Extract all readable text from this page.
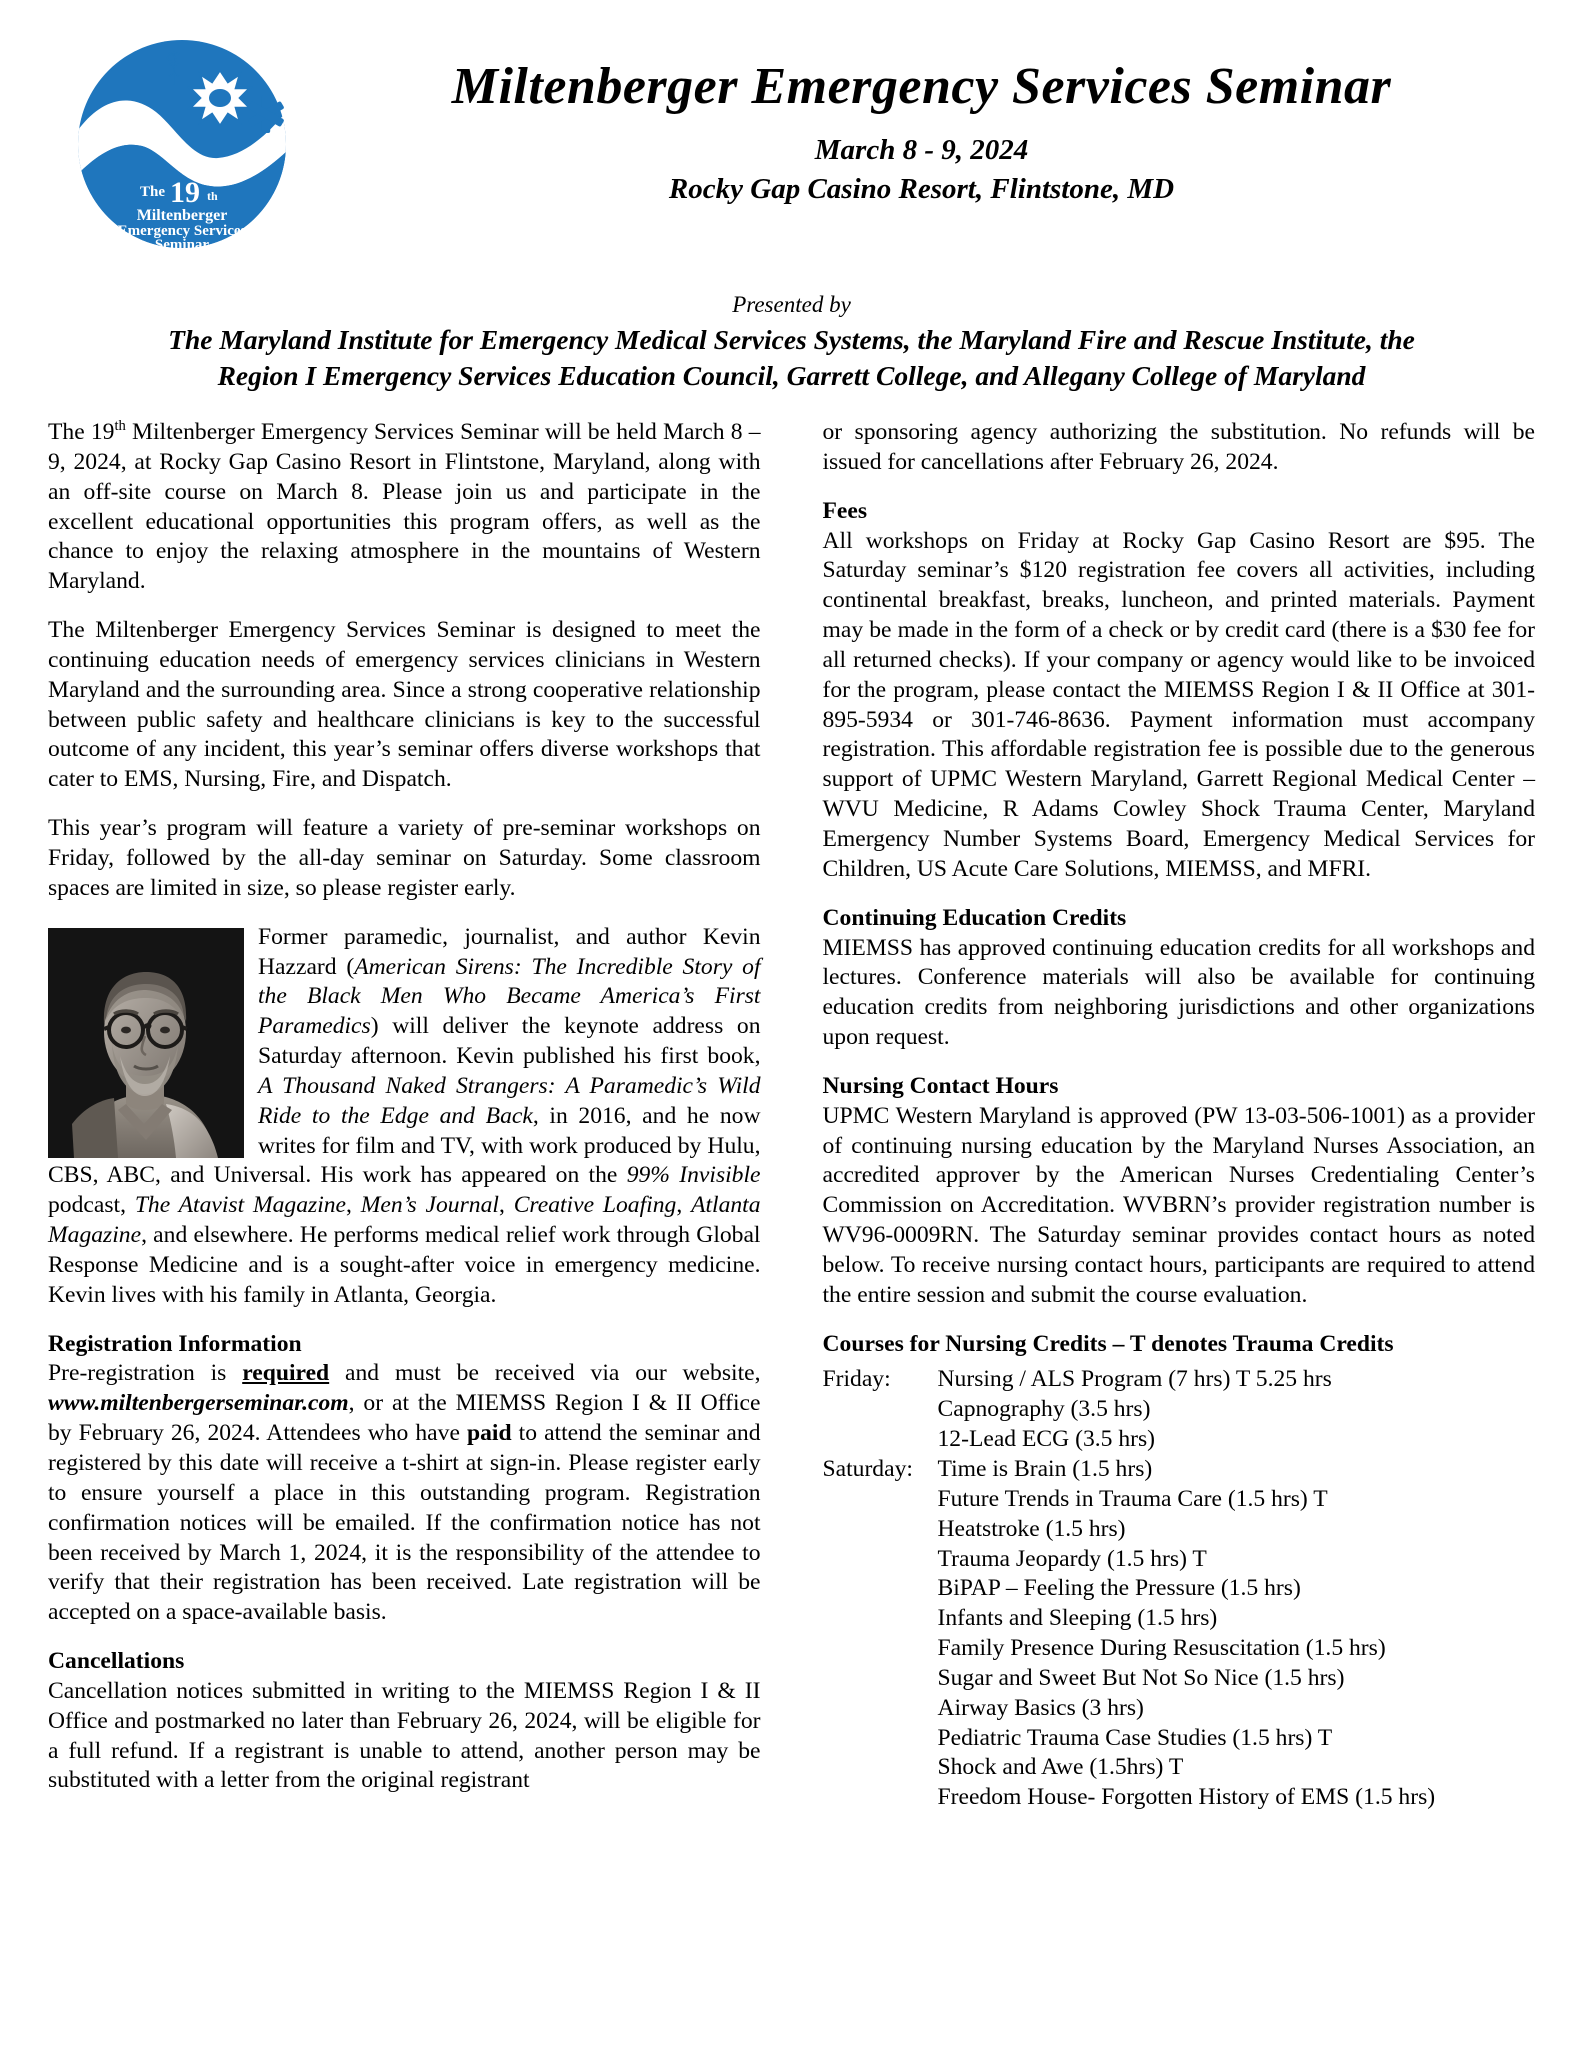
The 19 th
Miltenberger
Emergency Services
Seminar
Miltenberger Emergency Services Seminar
March 8 - 9, 2024
Rocky Gap Casino Resort, Flintstone, MD
Presented by
The Maryland Institute for Emergency Medical Services Systems, the Maryland Fire and Rescue Institute, the
Region I Emergency Services Education Council, Garrett College, and Allegany College of Maryland

The 19th Miltenberger Emergency Services Seminar will be held March 8 – 9, 2024, at Rocky Gap Casino Resort in Flintstone, Maryland, along with an off-site course on March 8. Please join us and participate in the excellent educational opportunities this program offers, as well as the chance to enjoy the relaxing atmosphere in the mountains of Western Maryland.

The Miltenberger Emergency Services Seminar is designed to meet the continuing education needs of emergency services clinicians in Western Maryland and the surrounding area. Since a strong cooperative relationship between public safety and healthcare clinicians is key to the successful outcome of any incident, this year’s seminar offers diverse workshops that cater to EMS, Nursing, Fire, and Dispatch.

This year’s program will feature a variety of pre-seminar workshops on Friday, followed by the all-day seminar on Saturday. Some classroom spaces are limited in size, so please register early.

Former paramedic, journalist, and author Kevin Hazzard (American Sirens: The Incredible Story of the Black Men Who Became America’s First Paramedics) will deliver the keynote address on Saturday afternoon. Kevin published his first book, A Thousand Naked Strangers: A Paramedic’s Wild Ride to the Edge and Back, in 2016, and he now writes for film and TV, with work produced by Hulu, CBS, ABC, and Universal. His work has appeared on the 99% Invisible podcast, The Atavist Magazine, Men’s Journal, Creative Loafing, Atlanta Magazine, and elsewhere. He performs medical relief work through Global Response Medicine and is a sought-after voice in emergency medicine. Kevin lives with his family in Atlanta, Georgia.

Registration Information

Pre-registration is required and must be received via our website, www.miltenbergerseminar.com, or at the MIEMSS Region I & II Office by February 26, 2024. Attendees who have paid to attend the seminar and registered by this date will receive a t-shirt at sign-in. Please register early to ensure yourself a place in this outstanding program. Registration confirmation notices will be emailed. If the confirmation notice has not been received by March 1, 2024, it is the responsibility of the attendee to verify that their registration has been received. Late registration will be accepted on a space-available basis.

Cancellations

Cancellation notices submitted in writing to the MIEMSS Region I & II Office and postmarked no later than February 26, 2024, will be eligible for a full refund. If a registrant is unable to attend, another person may be substituted with a letter from the original registrant

or sponsoring agency authorizing the substitution. No refunds will be issued for cancellations after February 26, 2024.

Fees

All workshops on Friday at Rocky Gap Casino Resort are $95. The Saturday seminar’s $120 registration fee covers all activities, including continental breakfast, breaks, luncheon, and printed materials. Payment may be made in the form of a check or by credit card (there is a $30 fee for all returned checks). If your company or agency would like to be invoiced for the program, please contact the MIEMSS Region I & II Office at 301-895-5934 or 301-746-8636. Payment information must accompany registration. This affordable registration fee is possible due to the generous support of UPMC Western Maryland, Garrett Regional Medical Center – WVU Medicine, R Adams Cowley Shock Trauma Center, Maryland Emergency Number Systems Board, Emergency Medical Services for Children, US Acute Care Solutions, MIEMSS, and MFRI.

Continuing Education Credits

MIEMSS has approved continuing education credits for all workshops and lectures. Conference materials will also be available for continuing education credits from neighboring jurisdictions and other organizations upon request.

Nursing Contact Hours

UPMC Western Maryland is approved (PW 13-03-506-1001) as a provider of continuing nursing education by the Maryland Nurses Association, an accredited approver by the American Nurses Credentialing Center’s Commission on Accreditation. WVBRN’s provider registration number is WV96-0009RN. The Saturday seminar provides contact hours as noted below. To receive nursing contact hours, participants are required to attend the entire session and submit the course evaluation.

Courses for Nursing Credits – T denotes Trauma Credits
Friday:	Nursing / ALS Program (7 hrs) T 5.25 hrs
Capnography (3.5 hrs)
12-Lead ECG (3.5 hrs)
Saturday:	Time is Brain (1.5 hrs)
Future Trends in Trauma Care (1.5 hrs) T
Heatstroke (1.5 hrs)
Trauma Jeopardy (1.5 hrs) T
BiPAP – Feeling the Pressure (1.5 hrs)
Infants and Sleeping (1.5 hrs)
Family Presence During Resuscitation (1.5 hrs)
Sugar and Sweet But Not So Nice (1.5 hrs)
Airway Basics (3 hrs)
Pediatric Trauma Case Studies (1.5 hrs) T
Shock and Awe (1.5hrs) T
Freedom House- Forgotten History of EMS (1.5 hrs)
